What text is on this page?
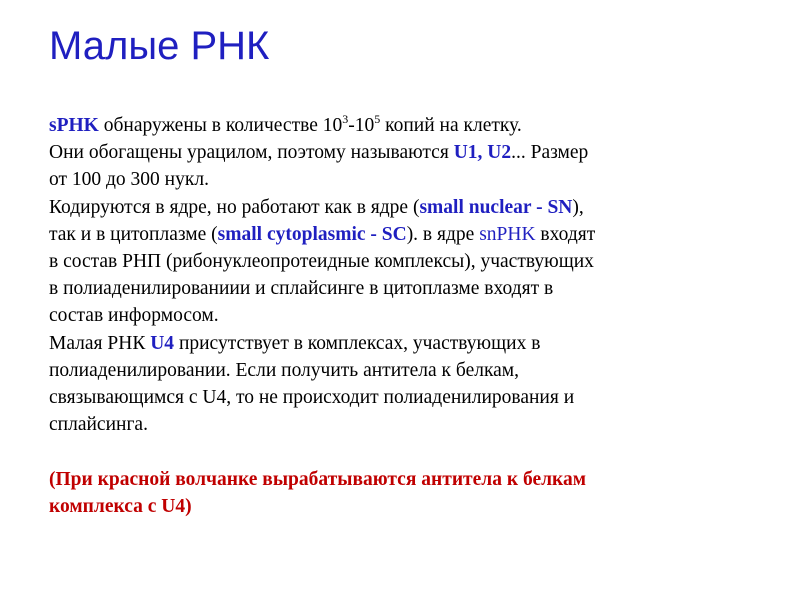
Малые РНК
sPHK обнаружены в количестве $10^3-10^5$ копий на клетку.
Они обогащены урацилом, поэтому называются U1, U2... Размер
от 100 до 300 нукл.
Кодируются в ядре, но работают как в ядре (small nuclear - SN),
так и в цитоплазме (small cytoplasmic - SC). в ядре snPHK входят
в состав РНП (рибонуклеопротеидные комплексы), участвующих
в полиаденилированиии и сплайсинге в цитоплазме входят в
состав информосом.
Малая РНК U4 присутствует в комплексах, участвующих в
полиаденилировании. Если получить антитела к белкам,
связывающимся с U4, то не происходит полиаденилирования и
сплайсинга.
(При красной волчанке вырабатываются антитела к белкам
комплекса с U4)
